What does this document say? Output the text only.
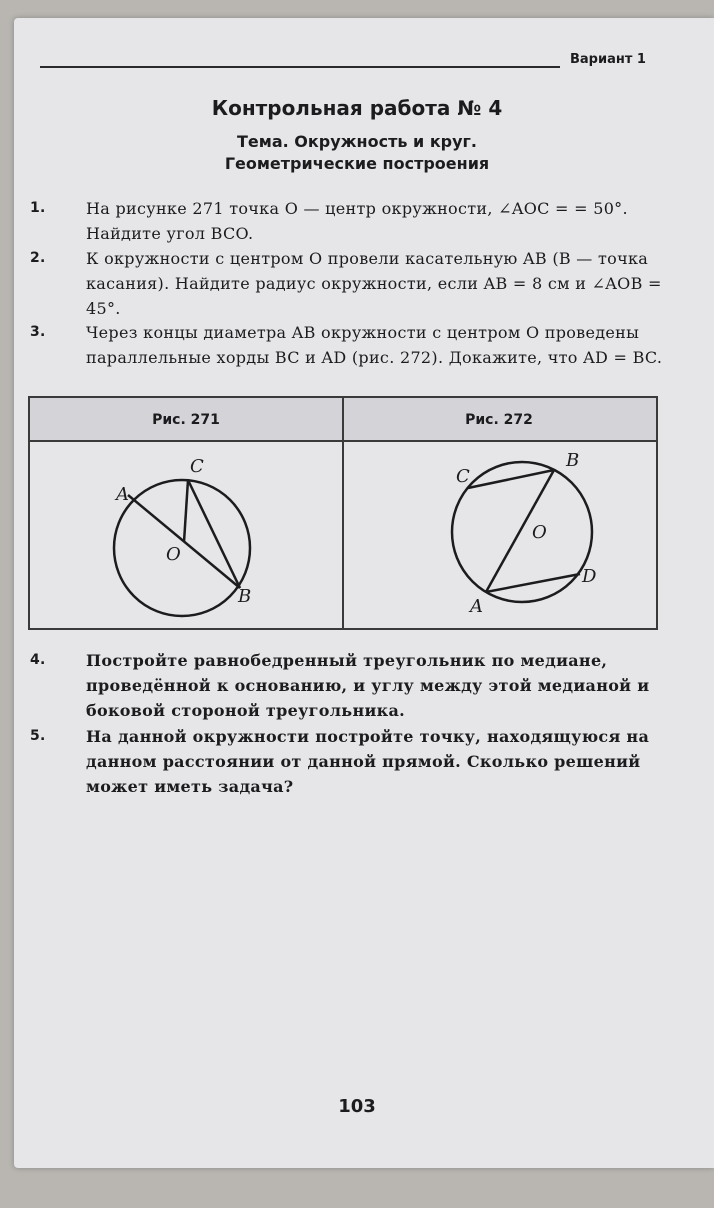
Вариант 1
Контрольная работа № 4
Тема. Окружность и круг.
Геометрические построения
1.	На рисунке 271 точка O — центр окружности, ∠AOC = = 50°. Найдите угол BCO.
2.	К окружности с центром O провели касательную AB (B — точка касания). Найдите радиус окружности, если AB = 8 см и ∠AOB = 45°.
3.	Через концы диаметра AB окружности с центром O проведены параллельные хорды BC и AD (рис. 272). Докажите, что AD = BC.
Рис. 271	Рис. 272
A
C
O
B
C
B
O
D
A
4.	Постройте равнобедренный треугольник по медиане, проведённой к основанию, и углу между этой медианой и боковой стороной треугольника.
5.	На данной окружности постройте точку, находящуюся на данном расстоянии от данной прямой. Сколько решений может иметь задача?
103
